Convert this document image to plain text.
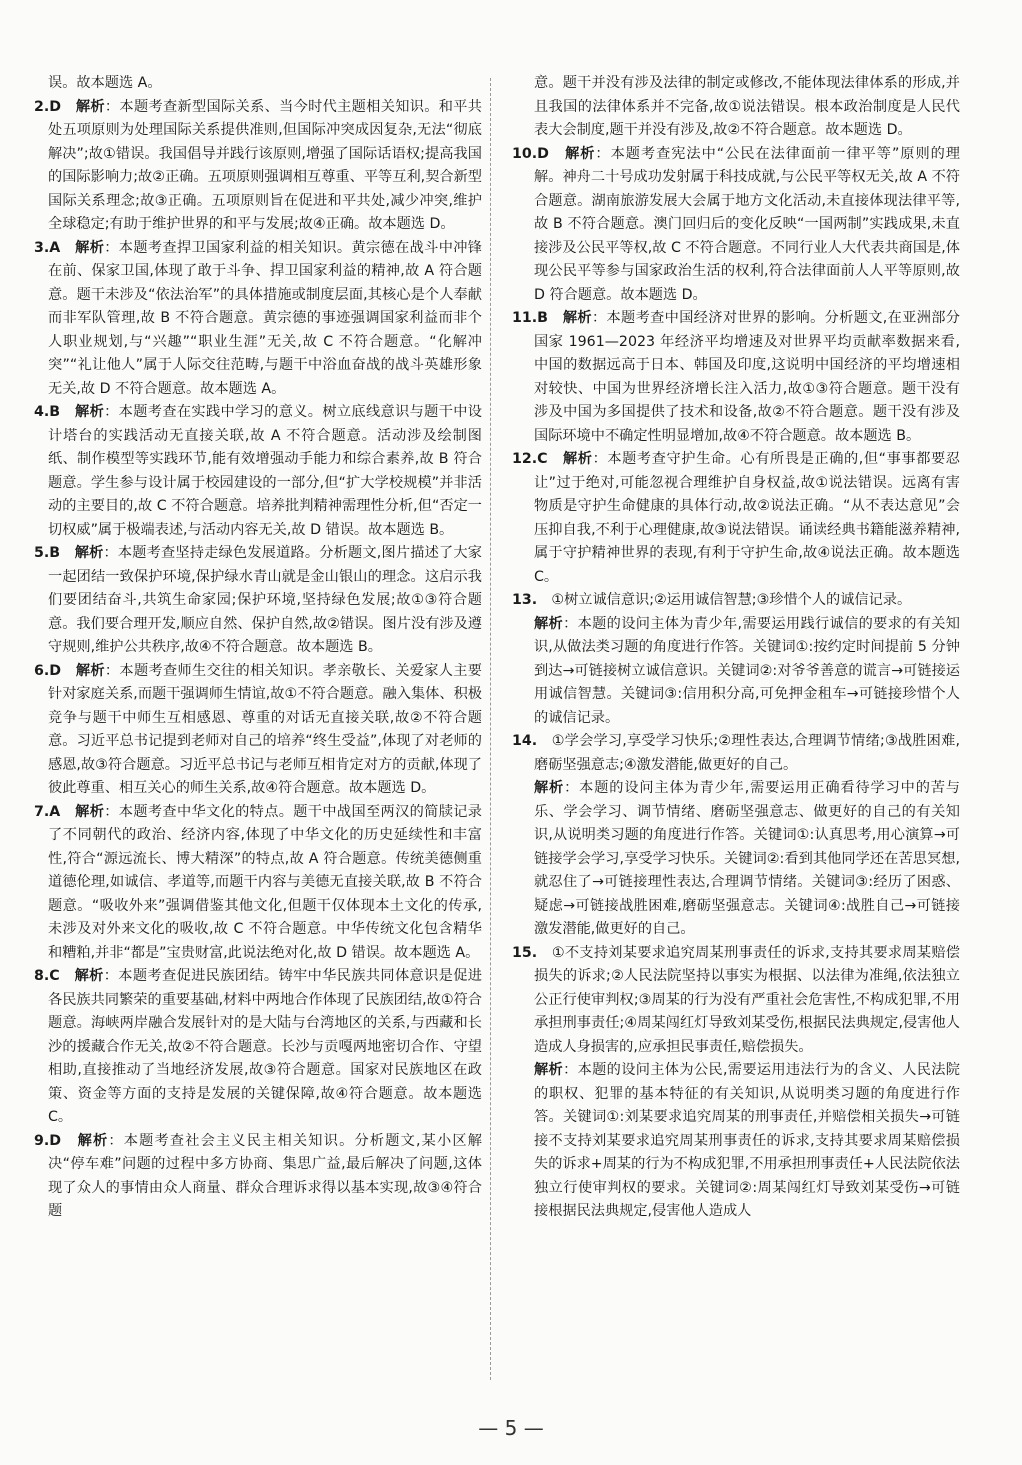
误。故本题选 A。

2.D　 解析：本题考查新型国际关系、当今时代主题相关知识。和平共处五项原则为处理国际关系提供准则,但国际冲突成因复杂,无法“彻底解决”;故①错误。我国倡导并践行该原则,增强了国际话语权;提高我国的国际影响力;故②正确。五项原则强调相互尊重、平等互利,契合新型国际关系理念;故③正确。五项原则旨在促进和平共处,减少冲突,维护全球稳定;有助于维护世界的和平与发展;故④正确。故本题选 D。

3.A　 解析：本题考查捍卫国家利益的相关知识。黄宗德在战斗中冲锋在前、保家卫国,体现了敢于斗争、捍卫国家利益的精神,故 A 符合题意。题干未涉及“依法治军”的具体措施或制度层面,其核心是个人奉献而非军队管理,故 B 不符合题意。黄宗德的事迹强调国家利益而非个人职业规划,与“兴趣”“职业生涯”无关,故 C 不符合题意。“化解冲突”“礼让他人”属于人际交往范畴,与题干中浴血奋战的战斗英雄形象无关,故 D 不符合题意。故本题选 A。

4.B　 解析：本题考查在实践中学习的意义。树立底线意识与题干中设计塔台的实践活动无直接关联,故 A 不符合题意。活动涉及绘制图纸、制作模型等实践环节,能有效增强动手能力和综合素养,故 B 符合题意。学生参与设计属于校园建设的一部分,但“扩大学校规模”并非活动的主要目的,故 C 不符合题意。培养批判精神需理性分析,但“否定一切权威”属于极端表述,与活动内容无关,故 D 错误。故本题选 B。

5.B　 解析：本题考查坚持走绿色发展道路。分析题文,图片描述了大家一起团结一致保护环境,保护绿水青山就是金山银山的理念。这启示我们要团结奋斗,共筑生命家园;保护环境,坚持绿色发展;故①③符合题意。我们要合理开发,顺应自然、保护自然,故②错误。图片没有涉及遵守规则,维护公共秩序,故④不符合题意。故本题选 B。

6.D　 解析：本题考查师生交往的相关知识。孝亲敬长、关爱家人主要针对家庭关系,而题干强调师生情谊,故①不符合题意。融入集体、积极竞争与题干中师生互相感恩、尊重的对话无直接关联,故②不符合题意。习近平总书记提到老师对自己的培养“终生受益”,体现了对老师的感恩,故③符合题意。习近平总书记与老师互相肯定对方的贡献,体现了彼此尊重、相互关心的师生关系,故④符合题意。故本题选 D。

7.A　 解析：本题考查中华文化的特点。题干中战国至两汉的简牍记录了不同朝代的政治、经济内容,体现了中华文化的历史延续性和丰富性,符合“源远流长、博大精深”的特点,故 A 符合题意。传统美德侧重道德伦理,如诚信、孝道等,而题干内容与美德无直接关联,故 B 不符合题意。“吸收外来”强调借鉴其他文化,但题干仅体现本土文化的传承,未涉及对外来文化的吸收,故 C 不符合题意。中华传统文化包含精华和糟粕,并非“都是”宝贵财富,此说法绝对化,故 D 错误。故本题选 A。

8.C　 解析：本题考查促进民族团结。铸牢中华民族共同体意识是促进各民族共同繁荣的重要基础,材料中两地合作体现了民族团结,故①符合题意。海峡两岸融合发展针对的是大陆与台湾地区的关系,与西藏和长沙的援藏合作无关,故②不符合题意。长沙与贡嘎两地密切合作、守望相助,直接推动了当地经济发展,故③符合题意。国家对民族地区在政策、资金等方面的支持是发展的关键保障,故④符合题意。故本题选 C。

9.D　 解析：本题考查社会主义民主相关知识。分析题文,某小区解决“停车难”问题的过程中多方协商、集思广益,最后解决了问题,这体现了众人的事情由众人商量、群众合理诉求得以基本实现,故③④符合题

意。题干并没有涉及法律的制定或修改,不能体现法律体系的形成,并且我国的法律体系并不完备,故①说法错误。根本政治制度是人民代表大会制度,题干并没有涉及,故②不符合题意。故本题选 D。

10.D　 解析：本题考查宪法中“公民在法律面前一律平等”原则的理解。神舟二十号成功发射属于科技成就,与公民平等权无关,故 A 不符合题意。湖南旅游发展大会属于地方文化活动,未直接体现法律平等,故 B 不符合题意。澳门回归后的变化反映“一国两制”实践成果,未直接涉及公民平等权,故 C 不符合题意。不同行业人大代表共商国是,体现公民平等参与国家政治生活的权利,符合法律面前人人平等原则,故 D 符合题意。故本题选 D。

11.B　 解析：本题考查中国经济对世界的影响。分析题文,在亚洲部分国家 1961—2023 年经济平均增速及对世界平均贡献率数据来看,中国的数据远高于日本、韩国及印度,这说明中国经济的平均增速相对较快、中国为世界经济增长注入活力,故①③符合题意。题干没有涉及中国为多国提供了技术和设备,故②不符合题意。题干没有涉及国际环境中不确定性明显增加,故④不符合题意。故本题选 B。

12.C　 解析：本题考查守护生命。心有所畏是正确的,但“事事都要忍让”过于绝对,可能忽视合理维护自身权益,故①说法错误。远离有害物质是守护生命健康的具体行动,故②说法正确。“从不表达意见”会压抑自我,不利于心理健康,故③说法错误。诵读经典书籍能滋养精神,属于守护精神世界的表现,有利于守护生命,故④说法正确。故本题选 C。

13.　 ①树立诚信意识;②运用诚信智慧;③珍惜个人的诚信记录。

解析：本题的设问主体为青少年,需要运用践行诚信的要求的有关知识,从做法类习题的角度进行作答。关键词①:按约定时间提前 5 分钟到达→可链接树立诚信意识。关键词②:对爷爷善意的谎言→可链接运用诚信智慧。关键词③:信用积分高,可免押金租车→可链接珍惜个人的诚信记录。

14.　 ①学会学习,享受学习快乐;②理性表达,合理调节情绪;③战胜困难,磨砺坚强意志;④激发潜能,做更好的自己。

解析：本题的设问主体为青少年,需要运用正确看待学习中的苦与乐、学会学习、调节情绪、磨砺坚强意志、做更好的自己的有关知识,从说明类习题的角度进行作答。关键词①:认真思考,用心演算→可链接学会学习,享受学习快乐。关键词②:看到其他同学还在苦思冥想,就忍住了→可链接理性表达,合理调节情绪。关键词③:经历了困惑、疑虑→可链接战胜困难,磨砺坚强意志。关键词④:战胜自己→可链接激发潜能,做更好的自己。

15.　 ①不支持刘某要求追究周某刑事责任的诉求,支持其要求周某赔偿损失的诉求;②人民法院坚持以事实为根据、以法律为准绳,依法独立公正行使审判权;③周某的行为没有严重社会危害性,不构成犯罪,不用承担刑事责任;④周某闯红灯导致刘某受伤,根据民法典规定,侵害他人造成人身损害的,应承担民事责任,赔偿损失。

解析：本题的设问主体为公民,需要运用违法行为的含义、人民法院的职权、犯罪的基本特征的有关知识,从说明类习题的角度进行作答。关键词①:刘某要求追究周某的刑事责任,并赔偿相关损失→可链接不支持刘某要求追究周某刑事责任的诉求,支持其要求周某赔偿损失的诉求+周某的行为不构成犯罪,不用承担刑事责任+人民法院依法独立行使审判权的要求。关键词②:周某闯红灯导致刘某受伤→可链接根据民法典规定,侵害他人造成人

— 5 —
